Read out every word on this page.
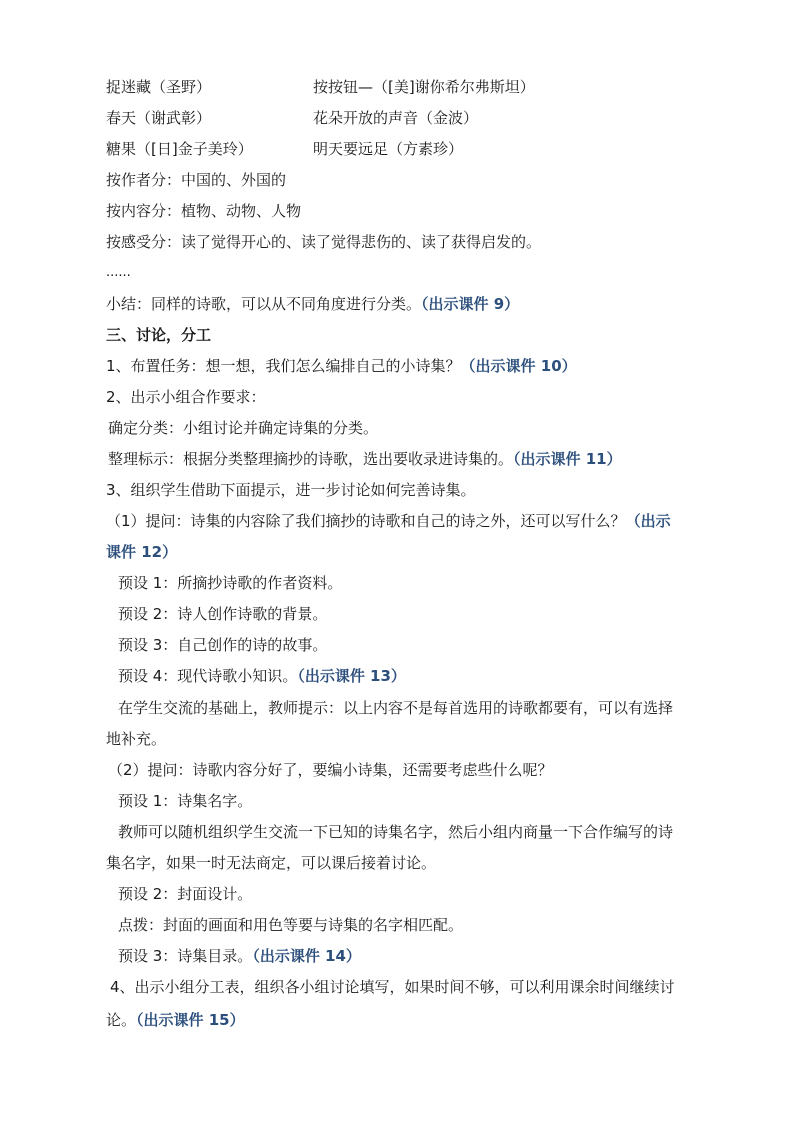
捉迷藏（圣野）	按按钮—（[美]谢你希尔弗斯坦）
春天（谢武彰）	花朵开放的声音（金波）
糖果（[日]金子美玲）	明天要远足（方素珍）
按作者分：中国的、外国的
按内容分：植物、动物、人物
按感受分：读了觉得开心的、读了觉得悲伤的、读了获得启发的。
......
小结：同样的诗歌，可以从不同角度进行分类。（出示课件 9）
三、讨论，分工
1、布置任务：想一想，我们怎么编排自己的小诗集？（出示课件 10）
2、出示小组合作要求：
确定分类：小组讨论并确定诗集的分类。
整理标示：根据分类整理摘抄的诗歌，选出要收录进诗集的。（出示课件 11）
3、组织学生借助下面提示，进一步讨论如何完善诗集。
（1）提问：诗集的内容除了我们摘抄的诗歌和自己的诗之外，还可以写什么？（出示
课件 12）
预设 1：所摘抄诗歌的作者资料。
预设 2：诗人创作诗歌的背景。
预设 3：自己创作的诗的故事。
预设 4：现代诗歌小知识。（出示课件 13）
在学生交流的基础上，教师提示：以上内容不是每首选用的诗歌都要有，可以有选择
地补充。
（2）提问：诗歌内容分好了，要编小诗集，还需要考虑些什么呢？
预设 1：诗集名字。
教师可以随机组织学生交流一下已知的诗集名字，然后小组内商量一下合作编写的诗
集名字，如果一时无法商定，可以课后接着讨论。
预设 2：封面设计。
点拨：封面的画面和用色等要与诗集的名字相匹配。
预设 3：诗集目录。（出示课件 14）
4、出示小组分工表，组织各小组讨论填写，如果时间不够，可以利用课余时间继续讨
论。（出示课件 15）
